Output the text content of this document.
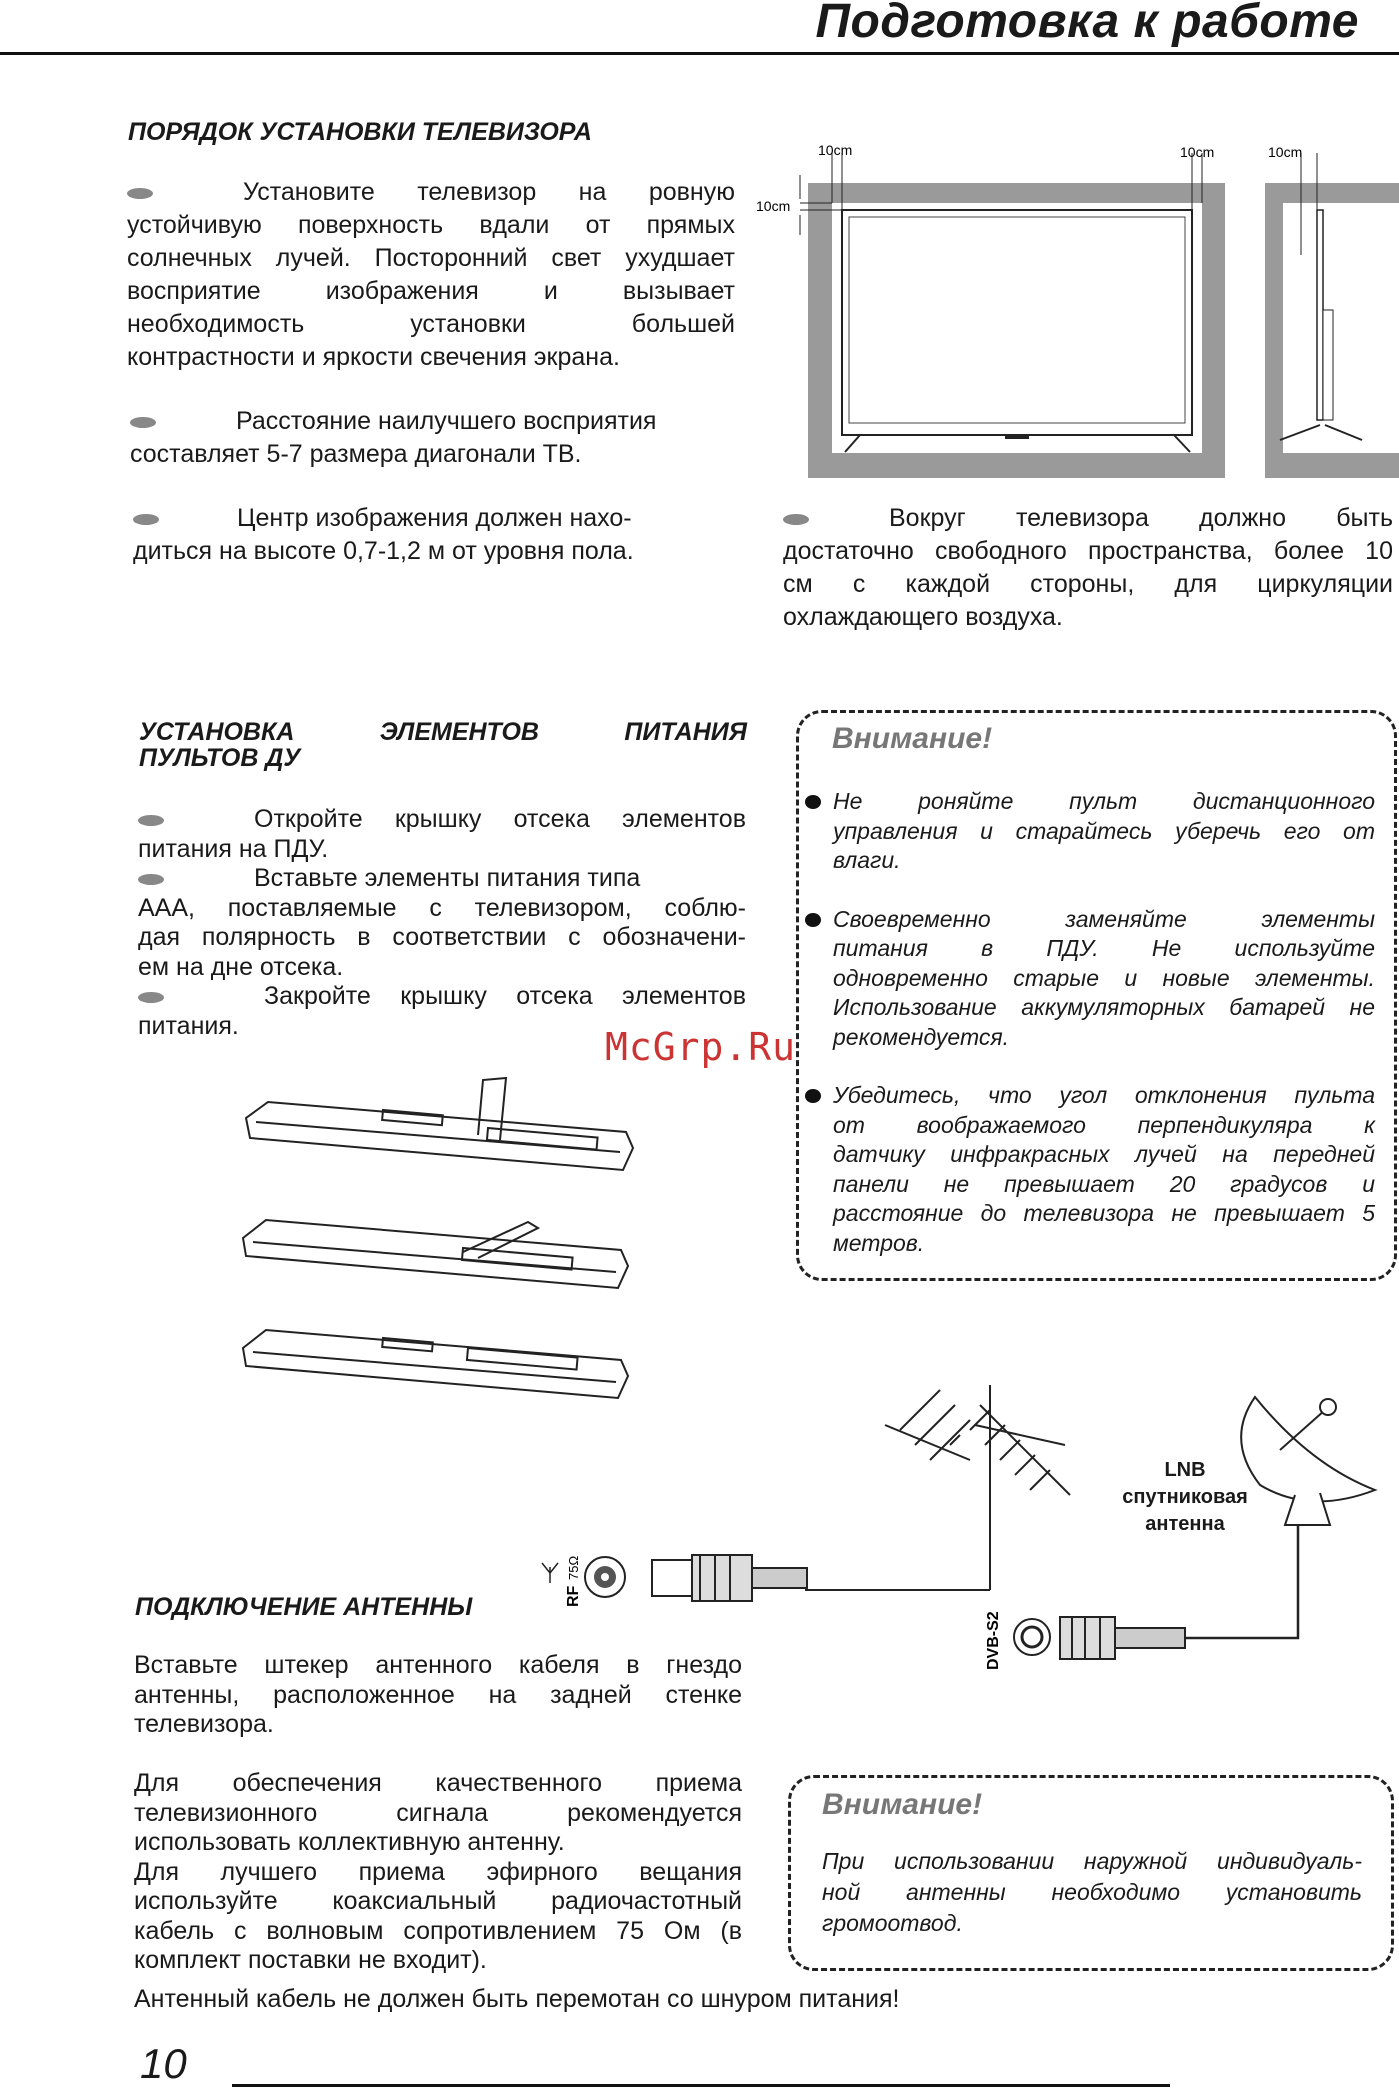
Подготовка к работе
ПОРЯДОК УСТАНОВКИ ТЕЛЕВИЗОРА
Установите телевизор на ровную
устойчивую поверхность вдали от прямых
солнечных лучей. Посторонний свет ухудшает
восприятие изображения и вызывает
необходимость установки большей
контрастности и яркости свечения экрана.
Расстояние наилучшего восприятия
составляет 5-7 размера диагонали ТВ.
Центр изображения должен нахо-
диться на высоте 0,7-1,2 м от уровня пола.
Вокруг телевизора должно быть
достаточно свободного пространства, более 10
см с каждой стороны, для циркуляции
охлаждающего воздуха.
10cm
10cm
10cm	10cm
УСТАНОВКА ЭЛЕМЕНТОВ ПИТАНИЯ
ПУЛЬТОВ ДУ
Откройте крышку отсека элементов
питания на ПДУ.
Вставьте элементы питания типа
ААА, поставляемые с телевизором, соблю-
дая полярность в соответствии с обозначени-
ем на дне отсека.
Закройте крышку отсека элементов
питания.
Внимание!
Не роняйте пульт дистанционного
управления и старайтесь уберечь его от
влаги.
Своевременно заменяйте элементы
питания в ПДУ. Не используйте
одновременно старые и новые элементы.
Использование аккумуляторных батарей не
рекомендуется.
Убедитесь, что угол отклонения пульта
от воображаемого перпендикуляра к
датчику инфракрасных лучей на передней
панели не превышает 20 градусов и
расстояние до телевизора не превышает 5
метров.
McGrp.Ru
RF
75Ω
DVB-S2
LNB
спутниковая
антенна
ПОДКЛЮЧЕНИЕ АНТЕННЫ
Вставьте штекер антенного кабеля в гнездо
антенны, расположенное на задней стенке
телевизора.
Для обеспечения качественного приема
телевизионного сигнала рекомендуется
использовать коллективную антенну.
Для лучшего приема эфирного вещания
используйте коаксиальный радиочастотный
кабель с волновым сопротивлением 75 Ом (в
комплект поставки не входит).
Антенный кабель не должен быть перемотан со шнуром питания!
Внимание!
При использовании наружной индивидуаль-
ной антенны необходимо установить
громоотвод.
10
